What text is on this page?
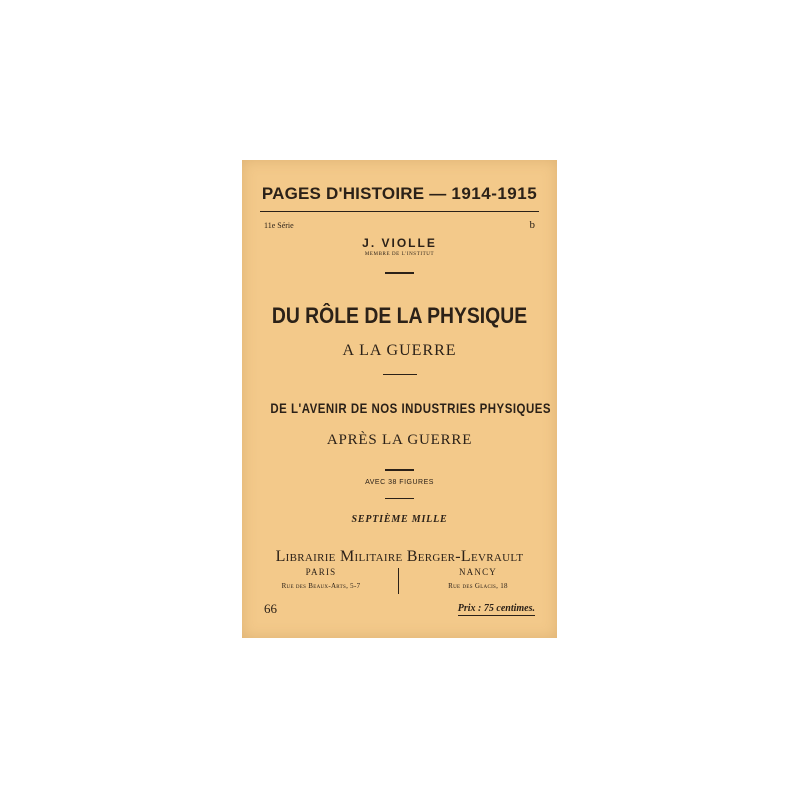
PAGES D'HISTOIRE — 1914-1915
11e Série	b
J. VIOLLE
MEMBRE DE L'INSTITUT
DU RÔLE DE LA PHYSIQUE
A LA GUERRE
DE L'AVENIR DE NOS INDUSTRIES PHYSIQUES
APRÈS LA GUERRE
AVEC 38 FIGURES
SEPTIÈME MILLE
Librairie Militaire Berger-Levrault
PARIS
Rue des Beaux-Arts, 5-7
NANCY
Rue des Glacis, 18
66	Prix : 75 centimes.
